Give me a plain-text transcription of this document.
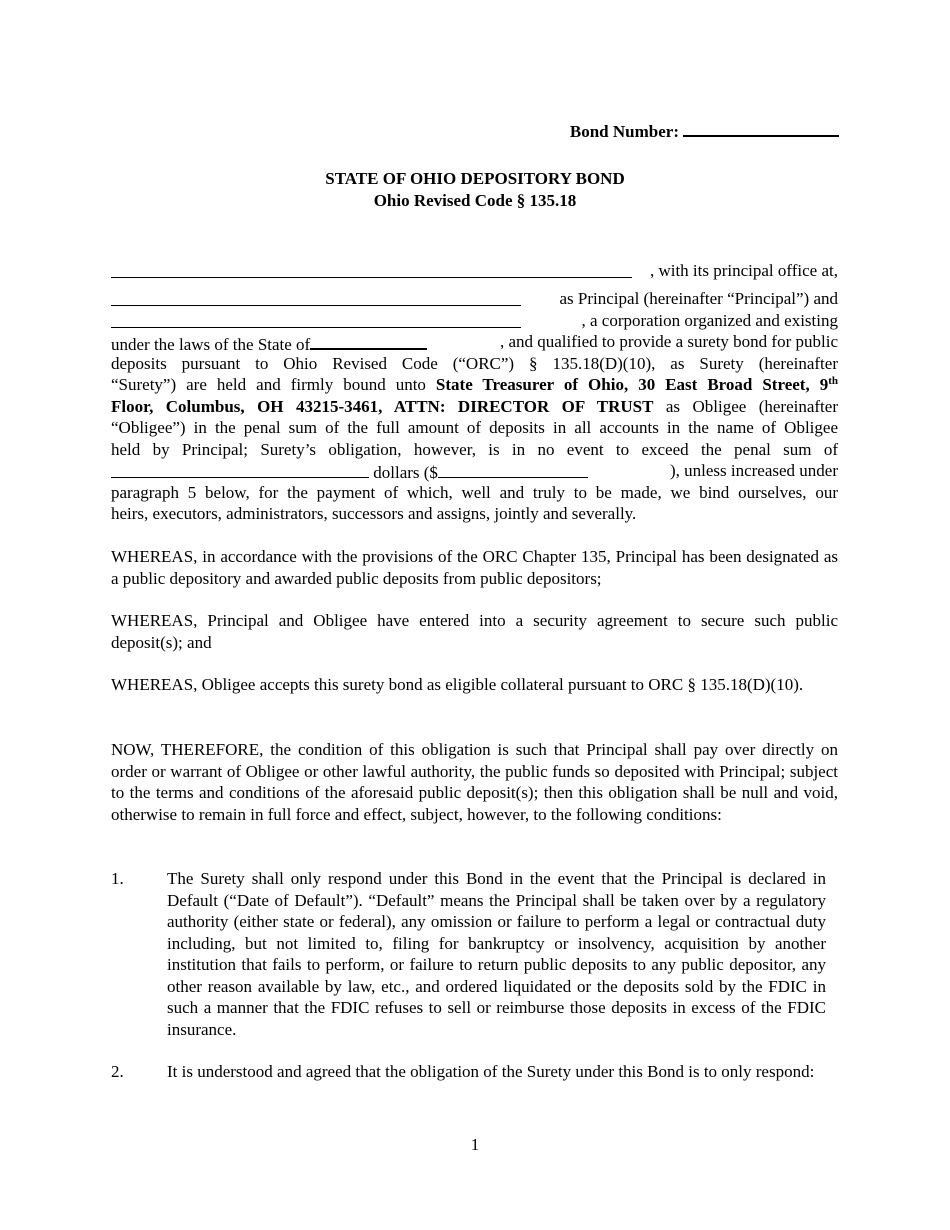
Bond Number:
STATE OF OHIO DEPOSITORY BOND
Ohio Revised Code § 135.18
, with its principal office at,
as Principal (hereinafter “Principal”) and
, a corporation organized and existing
under the laws of the State of	, and qualified to provide a surety bond for public
deposits pursuant to Ohio Revised Code (“ORC”) § 135.18(D)(10), as Surety (hereinafter
“Surety”) are held and firmly bound unto State Treasurer of Ohio, 30 East Broad Street, 9th
Floor, Columbus, OH 43215-3461, ATTN: DIRECTOR OF TRUST as Obligee (hereinafter
“Obligee”) in the penal sum of the full amount of deposits in all accounts in the name of Obligee
held by Principal; Surety’s obligation, however, is in no event to exceed the penal sum of
dollars ($	), unless increased under
paragraph 5 below, for the payment of which, well and truly to be made, we bind ourselves, our
heirs, executors, administrators, successors and assigns, jointly and severally.
WHEREAS, in accordance with the provisions of the ORC Chapter 135, Principal has been designated as a public depository and awarded public deposits from public depositors;
WHEREAS, Principal and Obligee have entered into a security agreement to secure such public deposit(s); and
WHEREAS, Obligee accepts this surety bond as eligible collateral pursuant to ORC § 135.18(D)(10).
NOW, THEREFORE, the condition of this obligation is such that Principal shall pay over directly on order or warrant of Obligee or other lawful authority, the public funds so deposited with Principal; subject to the terms and conditions of the aforesaid public deposit(s); then this obligation shall be null and void, otherwise to remain in full force and effect, subject, however, to the following conditions:
1.	The Surety shall only respond under this Bond in the event that the Principal is declared in Default (“Date of Default”). “Default” means the Principal shall be taken over by a regulatory authority (either state or federal), any omission or failure to perform a legal or contractual duty including, but not limited to, filing for bankruptcy or insolvency, acquisition by another institution that fails to perform, or failure to return public deposits to any public depositor, any other reason available by law, etc., and ordered liquidated or the deposits sold by the FDIC in such a manner that the FDIC refuses to sell or reimburse those deposits in excess of the FDIC insurance.
2.	It is understood and agreed that the obligation of the Surety under this Bond is to only respond:
1
